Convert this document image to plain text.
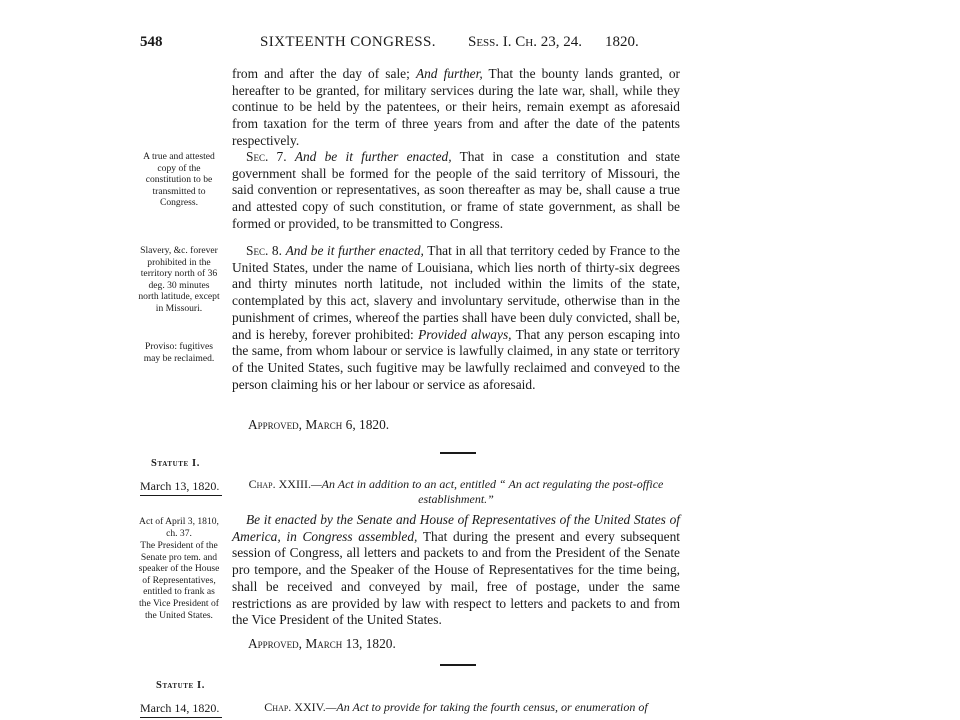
548	SIXTEENTH CONGRESS. Sess. I. Ch. 23, 24. 1820.

from and after the day of sale; And further, That the bounty lands granted, or hereafter to be granted, for military services during the late war, shall, while they continue to be held by the patentees, or their heirs, remain exempt as aforesaid from taxation for the term of three years from and after the date of the patents respectively.

Sec. 7. And be it further enacted, That in case a constitution and state government shall be formed for the people of the said territory of Missouri, the said convention or representatives, as soon thereafter as may be, shall cause a true and attested copy of such constitution, or frame of state government, as shall be formed or provided, to be transmitted to Congress.

Sec. 8. And be it further enacted, That in all that territory ceded by France to the United States, under the name of Louisiana, which lies north of thirty-six degrees and thirty minutes north latitude, not included within the limits of the state, contemplated by this act, slavery and involuntary servitude, otherwise than in the punishment of crimes, whereof the parties shall have been duly convicted, shall be, and is hereby, forever prohibited: Provided always, That any person escaping into the same, from whom labour or service is lawfully claimed, in any state or territory of the United States, such fugitive may be lawfully reclaimed and conveyed to the person claiming his or her labour or service as aforesaid.

Approved, March 6, 1820.
A true and attested copy of the constitution to be transmitted to Congress.
Slavery, &c. forever prohibited in the territory north of 36 deg. 30 minutes north latitude, except in Missouri.
Proviso: fugitives may be reclaimed.
Statute I.
March 13, 1820.	Chap. XXIII.—An Act in addition to an act, entitled “ An act regulating the post-office establishment.”

Be it enacted by the Senate and House of Representatives of the United States of America, in Congress assembled, That during the present and every subsequent session of Congress, all letters and packets to and from the President of the Senate pro tempore, and the Speaker of the House of Representatives for the time being, shall be received and conveyed by mail, free of postage, under the same restrictions as are provided by law with respect to letters and packets to and from the Vice President of the United States.

Approved, March 13, 1820.
Act of April 3, 1810, ch. 37.
The President of the Senate pro tem. and speaker of the House of Representatives, entitled to frank as the Vice President of the United States.
Statute I.
March 14, 1820.	Chap. XXIV.—An Act to provide for taking the fourth census, or enumeration of
